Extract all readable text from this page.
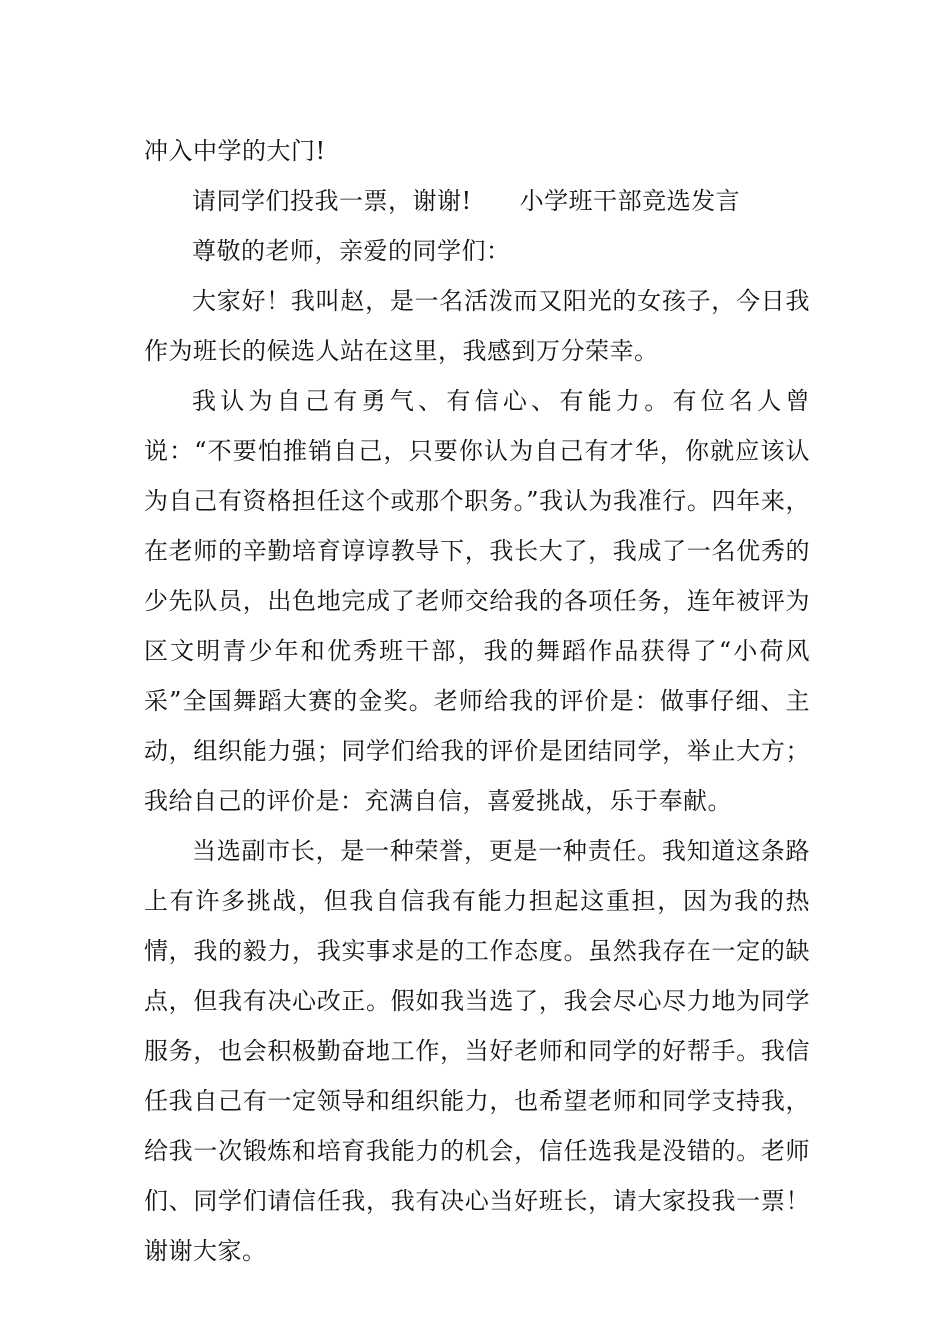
冲入中学的大门!

请同学们投我一票，谢谢! 小学班干部竞选发言

尊敬的老师，亲爱的同学们：

大家好！我叫赵，是一名活泼而又阳光的女孩子，今日我作为班长的候选人站在这里，我感到万分荣幸。

我认为自己有勇气、有信心、有能力。有位名人曾说：“不要怕推销自己，只要你认为自己有才华，你就应该认为自己有资格担任这个或那个职务。”我认为我准行。四年来，在老师的辛勤培育谆谆教导下，我长大了，我成了一名优秀的少先队员，出色地完成了老师交给我的各项任务，连年被评为区文明青少年和优秀班干部，我的舞蹈作品获得了“小荷风采”全国舞蹈大赛的金奖。老师给我的评价是：做事仔细、主动，组织能力强；同学们给我的评价是团结同学，举止大方；我给自己的评价是：充满自信，喜爱挑战，乐于奉献。

当选副市长，是一种荣誉，更是一种责任。我知道这条路上有许多挑战，但我自信我有能力担起这重担，因为我的热情，我的毅力，我实事求是的工作态度。虽然我存在一定的缺点，但我有决心改正。假如我当选了，我会尽心尽力地为同学服务，也会积极勤奋地工作，当好老师和同学的好帮手。我信任我自己有一定领导和组织能力，也希望老师和同学支持我，给我一次锻炼和培育我能力的机会，信任选我是没错的。老师们、同学们请信任我，我有决心当好班长，请大家投我一票！谢谢大家。
